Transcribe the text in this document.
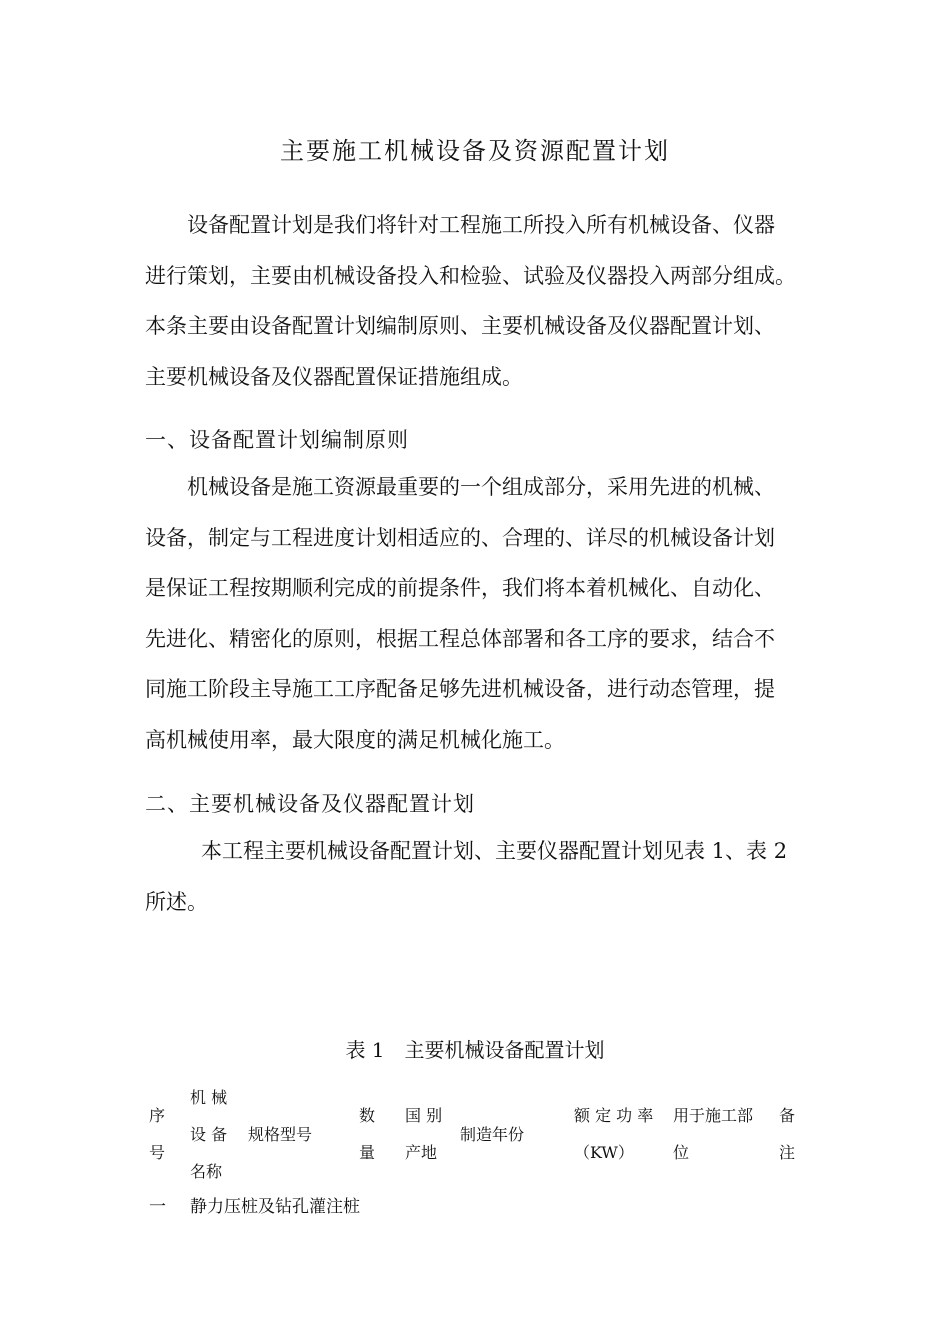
主要施工机械设备及资源配置计划
设备配置计划是我们将针对工程施工所投入所有机械设备、仪器
进行策划，主要由机械设备投入和检验、试验及仪器投入两部分组成。
本条主要由设备配置计划编制原则、主要机械设备及仪器配置计划、
主要机械设备及仪器配置保证措施组成。
一、设备配置计划编制原则
机械设备是施工资源最重要的一个组成部分，采用先进的机械、
设备，制定与工程进度计划相适应的、合理的、详尽的机械设备计划
是保证工程按期顺利完成的前提条件，我们将本着机械化、自动化、
先进化、精密化的原则，根据工程总体部署和各工序的要求，结合不
同施工阶段主导施工工序配备足够先进机械设备，进行动态管理，提
高机械使用率，最大限度的满足机械化施工。
二、主要机械设备及仪器配置计划
本工程主要机械设备配置计划、主要仪器配置计划见表 1、表 2
所述。
表 1　主要机械设备配置计划
序
号
机 械
设 备
名称
规格型号
数
量
国 别
产地
制造年份
额 定 功 率
（KW）
用于施工部
位
备
注
一 静力压桩及钻孔灌注桩
